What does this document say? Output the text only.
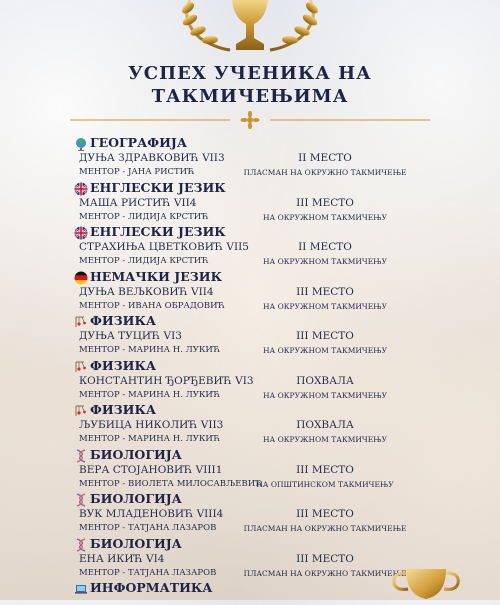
УСПЕХ УЧЕНИКА НА
ТАКМИЧЕЊИМА
ГЕОГРАФИЈА
ДУЊА ЗДРАВКОВИЋ VII3
МЕНТОР - ЈАНА РИСТИЋ
II МЕСТО
ПЛАСМАН НА ОКРУЖНО ТАКМИЧЕЊЕ
ЕНГЛЕСКИ ЈЕЗИК
МАША РИСТИЋ VII4
МЕНТОР - ЛИДИЈА КРСТИЋ
III МЕСТО
НА ОКРУЖНОМ ТАКМИЧЕЊУ
ЕНГЛЕСКИ ЈЕЗИК
СТРАХИЊА ЦВЕТКОВИЋ VII5
МЕНТОР - ЛИДИЈА КРСТИЋ
II МЕСТО
НА ОКРУЖНОМ ТАКМИЧЕЊУ
НЕМАЧКИ ЈЕЗИК
ДУЊА ВЕЉКОВИЋ VII4
МЕНТОР - ИВАНА ОБРАДОВИЋ
III МЕСТО
НА ОКРУЖНОМ ТАКМИЧЕЊУ
ФИЗИКА
ДУЊА ТУЦИЋ VI3
МЕНТОР - МАРИНА Н. ЛУКИЋ
III МЕСТО
НА ОКРУЖНОМ ТАКМИЧЕЊУ
ФИЗИКА
КОНСТАНТИН ЂОРЂЕВИЋ VI3
МЕНТОР - МАРИНА Н. ЛУКИЋ
ПОХВАЛА
НА ОКРУЖНОМ ТАКМИЧЕЊУ
ФИЗИКА
ЉУБИЦА НИКОЛИЋ VII3
МЕНТОР - МАРИНА Н. ЛУКИЋ
ПОХВАЛА
НА ОКРУЖНОМ ТАКМИЧЕЊУ
БИОЛОГИЈА
ВЕРА СТОЈАНОВИЋ VIII1
МЕНТОР - ВИОЛЕТА МИЛОСАВЉЕВИЋ
III МЕСТО
НА ОПШТИНСКОМ ТАКМИЧЕЊУ
БИОЛОГИЈА
ВУК МЛАДЕНОВИЋ VIII4
МЕНТОР - ТАТЈАНА ЛАЗАРОВ
III МЕСТО
ПЛАСМАН НА ОКРУЖНО ТАКМИЧЕЊЕ
БИОЛОГИЈА
ЕНА ИКИЋ VI4
МЕНТОР - ТАТЈАНА ЛАЗАРОВ
III МЕСТО
ПЛАСМАН НА ОКРУЖНО ТАКМИЧЕЊЕ
ИНФОРМАТИКА
